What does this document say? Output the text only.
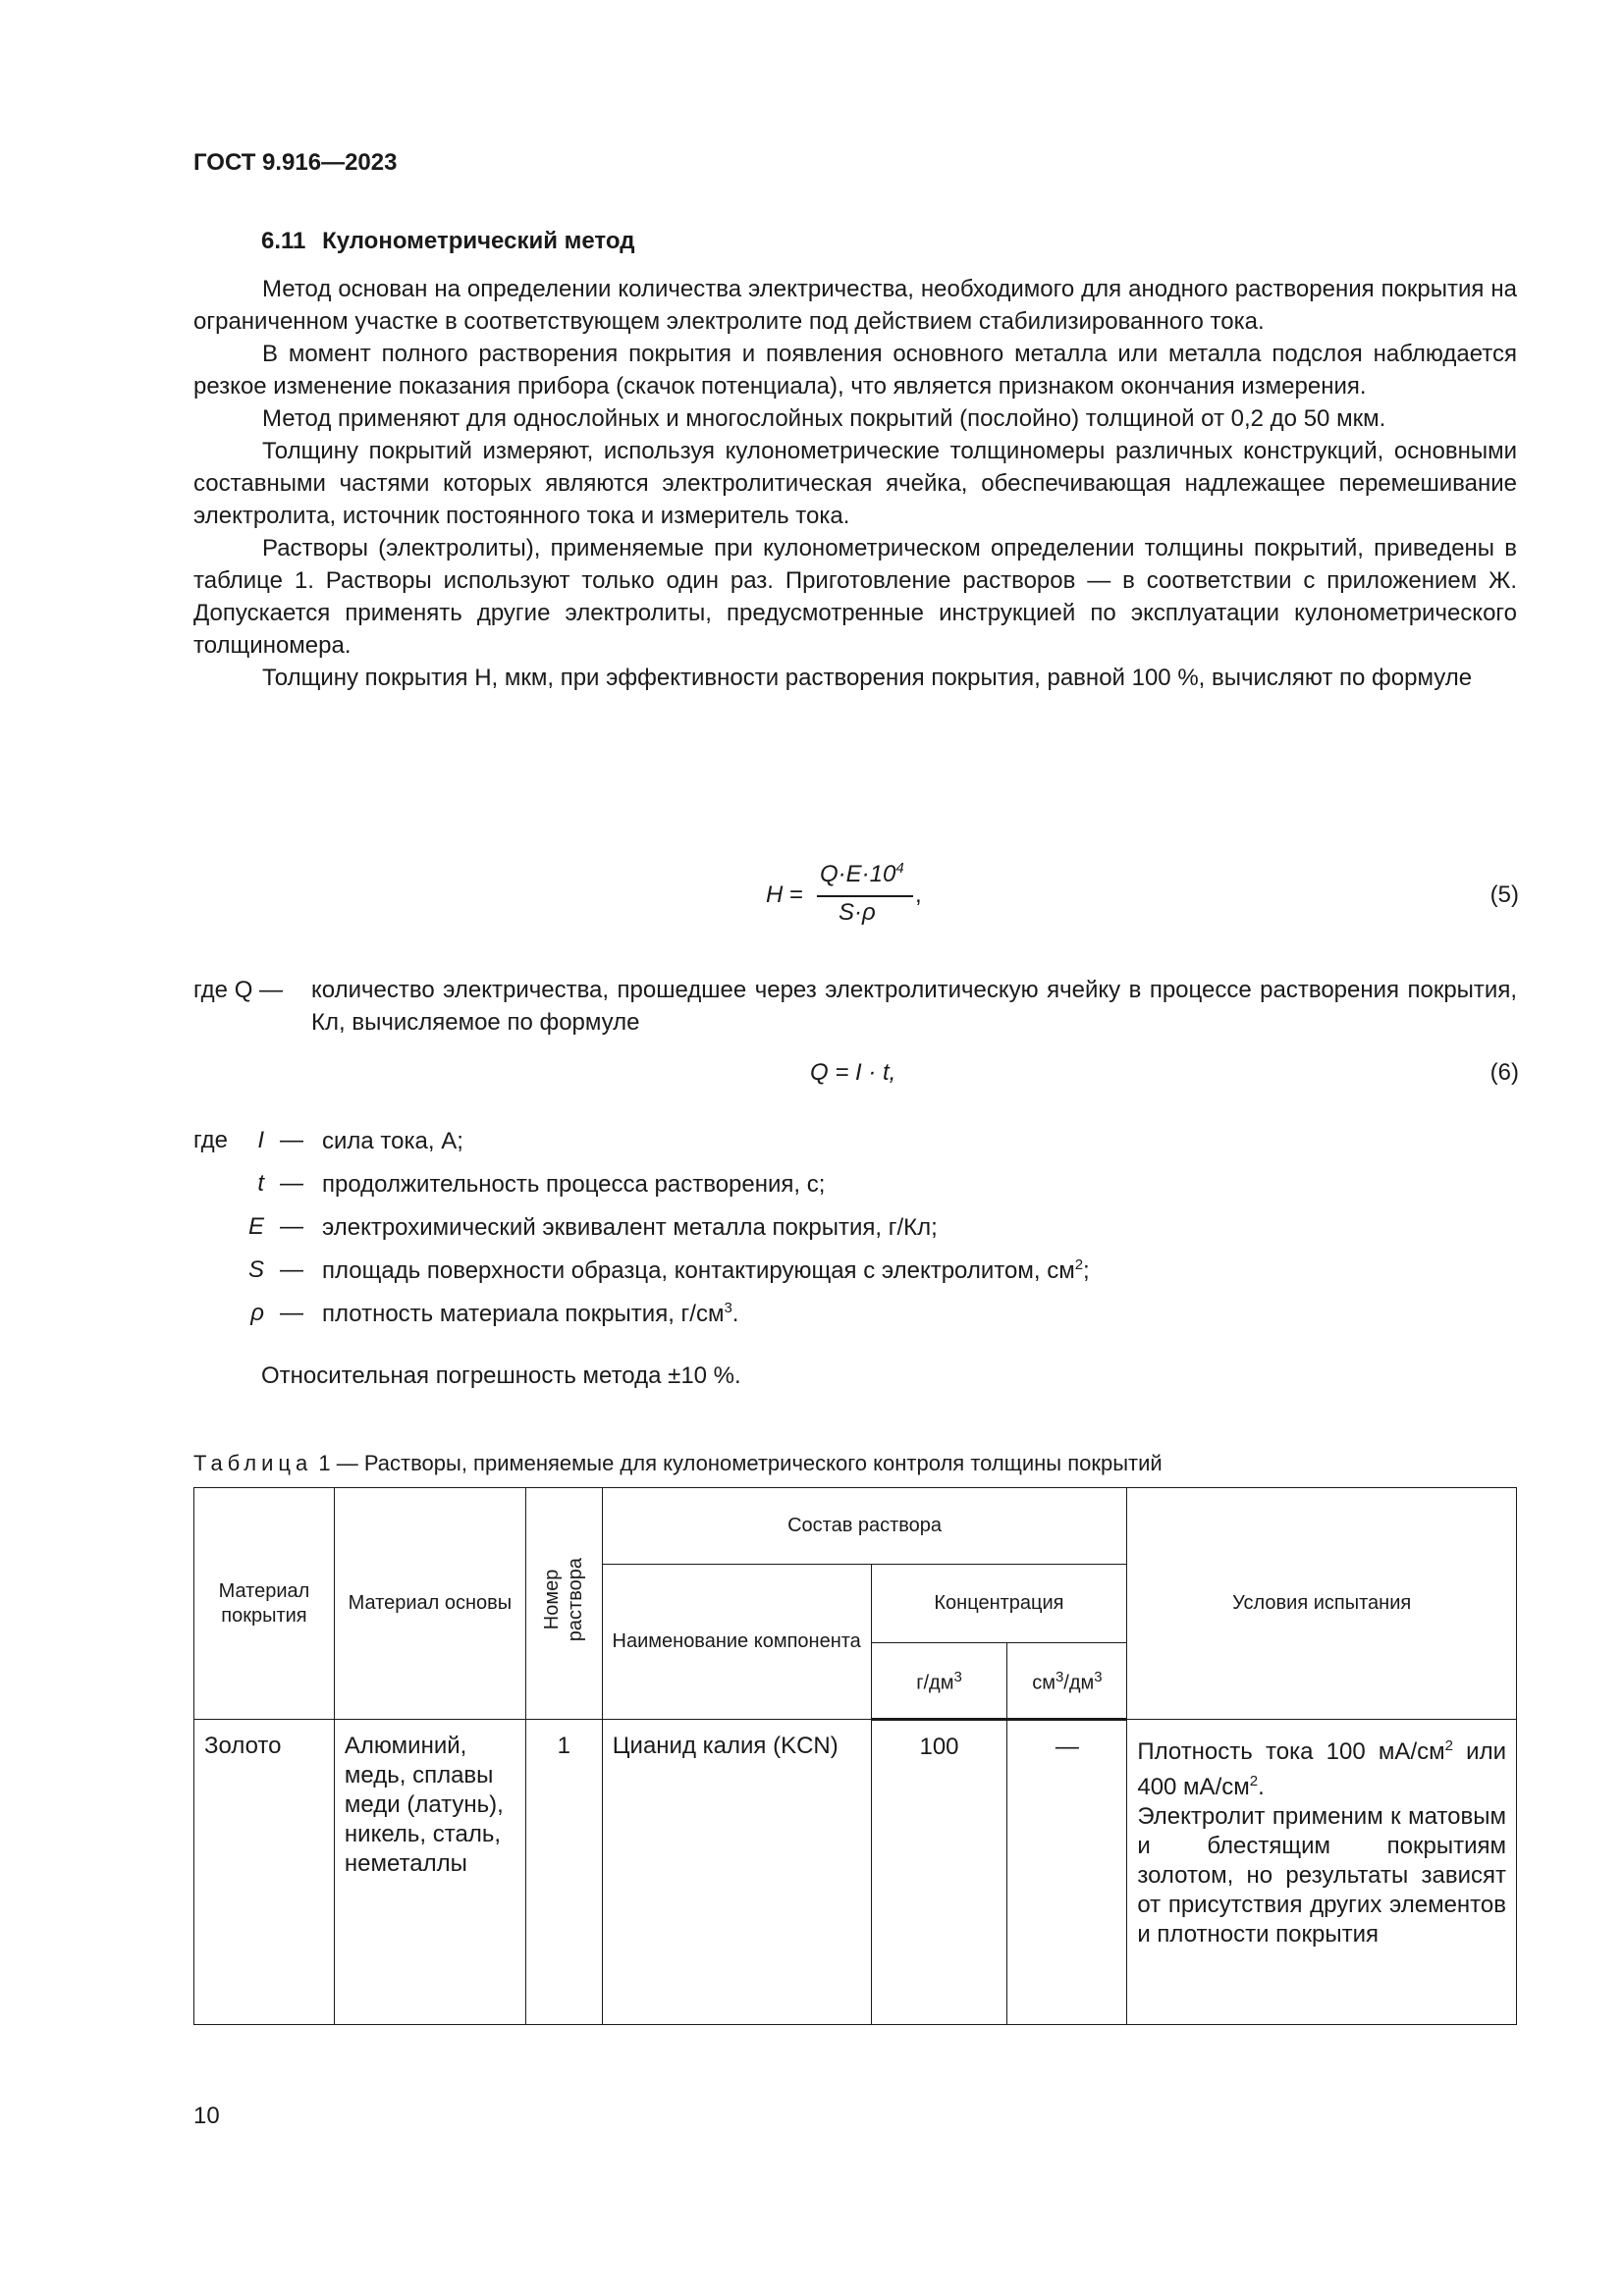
ГОСТ 9.916—2023
6.11 Кулонометрический метод

Метод основан на определении количества электричества, необходимого для анодного растворения покрытия на ограниченном участке в соответствующем электролите под действием стабилизированного тока.

В момент полного растворения покрытия и появления основного металла или металла подслоя наблюдается резкое изменение показания прибора (скачок потенциала), что является признаком окончания измерения.

Метод применяют для однослойных и многослойных покрытий (послойно) толщиной от 0,2 до 50 мкм.

Толщину покрытий измеряют, используя кулонометрические толщиномеры различных конструкций, основными составными частями которых являются электролитическая ячейка, обеспечивающая надлежащее перемешивание электролита, источник постоянного тока и измеритель тока.

Растворы (электролиты), применяемые при кулонометрическом определении толщины покрытий, приведены в таблице 1. Растворы используют только один раз. Приготовление растворов — в соответствии с приложением Ж. Допускается применять другие электролиты, предусмотренные инструкцией по эксплуатации кулонометрического толщиномера.

Толщину покрытия Н, мкм, при эффективности растворения покрытия, равной 100 %, вычисляют по формуле

H =
$Q\cdot E\cdot 10^4$
S·ρ
,	(5)
где Q — количество электричества, прошедшее через электролитическую ячейку в процессе растворения покрытия, Кл, вычисляемое по формуле
Q = I · t,	(6)
где I — сила тока, А;
t — продолжительность процесса растворения, с;
E — электрохимический эквивалент металла покрытия, г/Кл;
S — площадь поверхности образца, контактирующая с электролитом, $см^2$;
ρ — плотность материала покрытия, $г/см^3$.
Относительная погрешность метода ±10 %.
Таблица 1 — Растворы, применяемые для кулонометрического контроля толщины покрытий
Материал покрытия	Материал основы	Номер
раствора	Состав раствора			Условия испытания
			Наименование компонента	Концентрация		
				$г/дм^3$	$см^3/дм^3$
Золото	Алюминий, медь, сплавы меди (латунь), никель, сталь, неметаллы	1	Цианид калия (KCN)	100	—	Плотность тока 100 $мА/см^2$ или 400 $мА/см^2$.
Электролит применим к матовым и блестящим покрытиям золотом, но результаты зависят от присутствия других элементов и плотности покрытия
10
